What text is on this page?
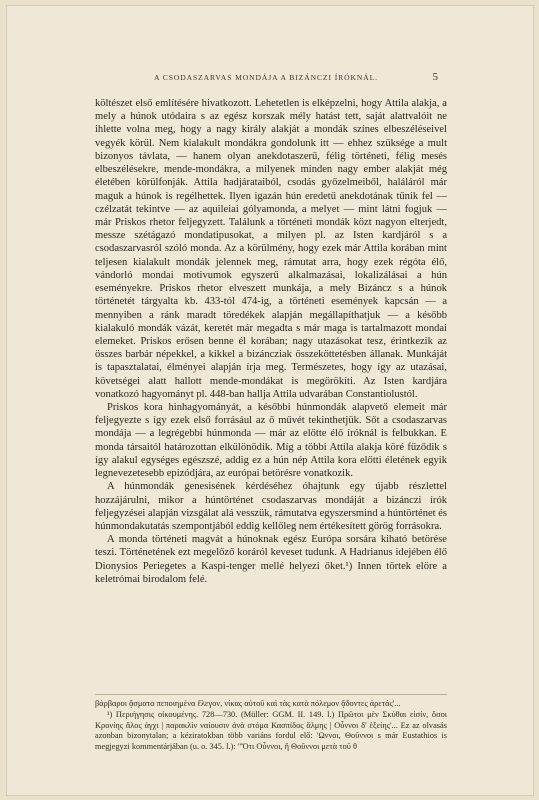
A CSODASZARVAS MONDÁJA A BIZÁNCZI ÍRÓKNÁL.	5

költészet első említésére hivatkozott. Lehetetlen is elképzelni, hogy Attila alakja, a mely a húnok utódaira s az egész korszak mély hatást tett, saját alattvalóit ne ihlette volna meg, hogy a nagy király alakját a mondák színes elbeszéléseivel vegyék körül. Nem kialakult mondákra gondolunk itt — ehhez szüksége a mult bizonyos távlata, — hanem olyan anekdotaszerű, félig történeti, félig mesés elbeszélésekre, mende-mondákra, a milyenek minden nagy ember alakját még életében körülfonják. Attila hadjárataiból, csodás győzelmeiből, haláláról már maguk a húnok is regélhettek. Ilyen igazán hún eredetű anekdotának tűnik fel — czélzatát tekintve — az aquileiai gólyamonda, a melyet — mint látni fogjuk — már Priskos rhetor feljegyzett. Találunk a történeti mondák közt nagyon elterjedt, messze szétágazó mondatipusokat, a milyen pl. az Isten kardjáról s a csodaszarvasról szóló monda. Az a körülmény, hogy ezek már Attila korában mint teljesen kialakult mondák jelennek meg, rámutat arra, hogy ezek régóta élő, vándorló mondai motivumok egyszerű alkalmazásai, lokalizálásai a hún eseményekre. Priskos rhetor elveszett munkája, a mely Bizáncz s a húnok történetét tárgyalta kb. 433-tól 474-ig, a történeti események kapcsán — a mennyiben a ránk maradt töredékek alapján megállapíthatjuk — a később kialakuló mondák vázát, keretét már megadta s már maga is tartalmazott mondai elemeket. Priskos erősen benne él korában; nagy utazásokat tesz, érintkezik az összes barbár népekkel, a kikkel a bizáncziak összeköttetésben állanak. Munkáját is tapasztalatai, élményei alapján írja meg. Természetes, hogy így az utazásai, követségei alatt hallott mende-mondákat is megörökíti. Az Isten kardjára vonatkozó hagyományt pl. 448-ban hallja Attila udvarában Constantiolustól.

Priskos kora hinhagyományát, a későbbi húnmondák alapvető elemeit már feljegyezte s így ezek első forrásául az ő művét tekinthetjük. Sőt a csodaszarvas mondája — a legrégebbi húnmonda — már az előtte élő íróknál is felbukkan. E monda társaitól határozottan elkülönödik. Míg a többi Attila alakja köré fűződik s így alakul egységes egészszé, addig ez a hún nép Attila kora előtti életének egyik legnevezetesebb epizódjára, az európai betörésre vonatkozik.

A húnmondák genesisének kérdéséhez óhajtunk egy újabb részlettel hozzájárulni, mikor a húntörténet csodaszarvas mondáját a bizánczi írók feljegyzései alapján vizsgálat alá vesszük, rámutatva egyszersmind a húntörténet és húnmondakutatás szempontjából eddig kellőleg nem értékesített görög forrásokra.

A monda történeti magvát a húnoknak egész Európa sorsára kiható betörése teszi. Történetének ezt megelőző koráról keveset tudunk. A Hadrianus idejében élő Dionysios Periegetes a Kaspi-tenger mellé helyezi őket.¹) Innen törtek elöre a keletrómai birodalom felé.

βάρβαροι ᾄσματα πεποιημένα ἔλεγον, νίκας αὐτοῦ καὶ τὰς κατὰ πόλεμον ᾄδοντες ἀρετάς'...

¹) Περιήγησις οἰκουμένης. 728—730. (Müller: GGM. II. 149. l.) Πρῶτοι μὲν Σκύθαι εἰσίν, ὅσοι Κρονίης ἅλος ἀγχι | παρακλὶν ναίουσιν ἀνὰ στόμα Κασπίδος ἅλμης | Οὖννοι δ' ἑξείης'... Ez az olvasás azonban bizonytalan; a kéziratokban több variáns fordul elő: 'Ωννοι, Θοῦννοι s már Eustathios is megjegyzi kommentárjában (u. o. 345. l.): "Ὅτι Οὖννοι, ἢ Θοῦννοι μετὰ τοῦ θ
